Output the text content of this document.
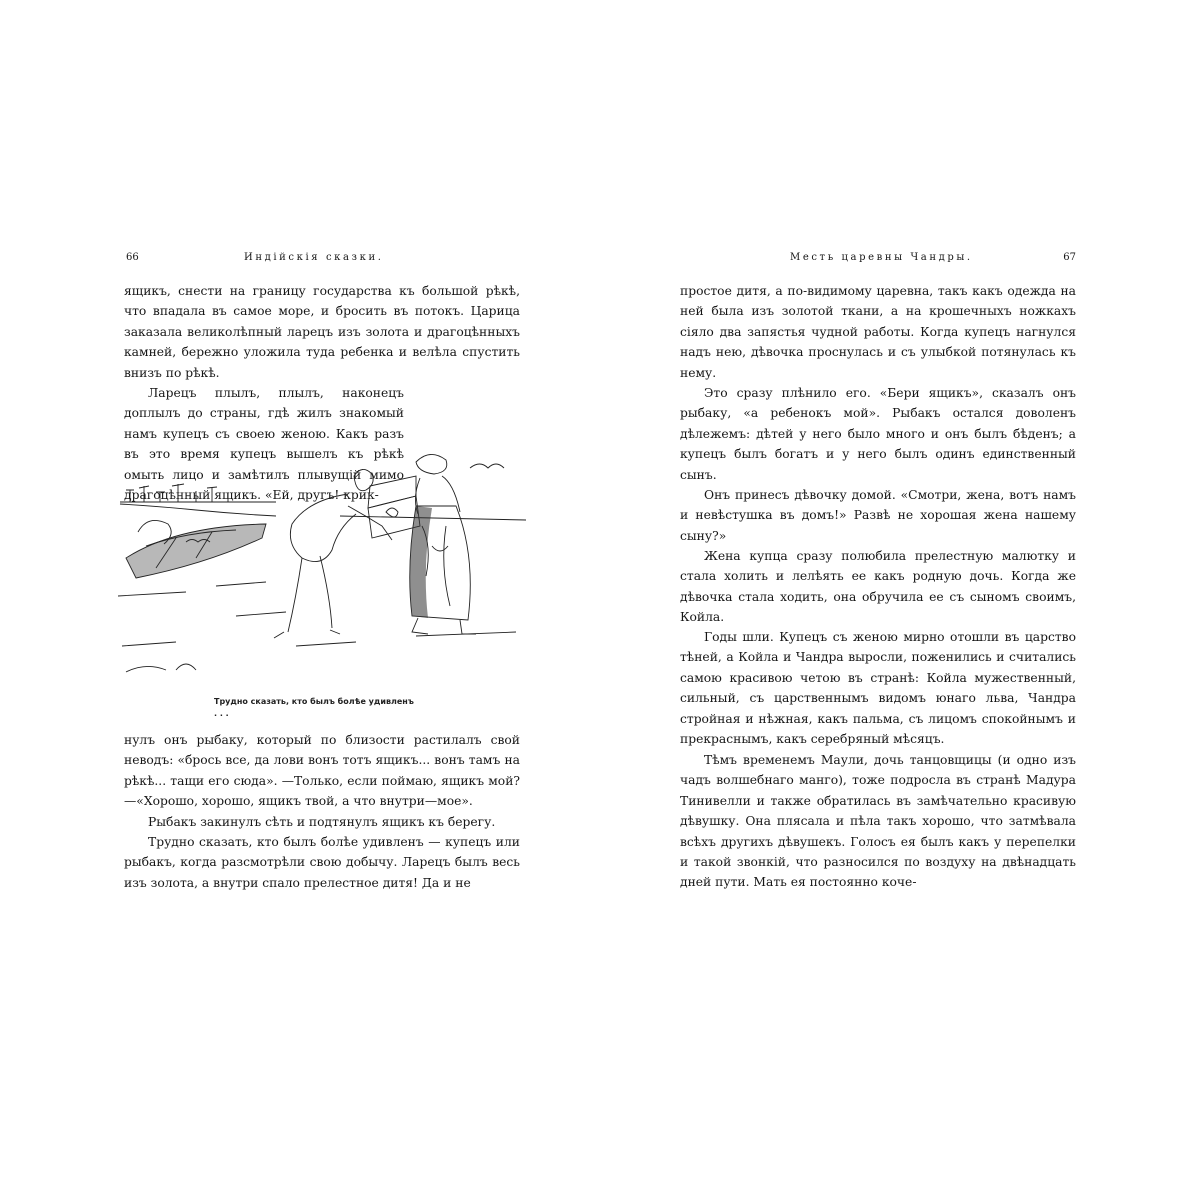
66	Индiйскiя сказки.

ящикъ, снести на границу государства къ большой рѣкѣ, что впадала въ самое море, и бросить въ потокъ. Царица заказала великолѣпный ларецъ изъ золота и драгоцѣнныхъ камней, бережно уложила туда ребенка и велѣла спустить внизъ по рѣкѣ.

Ларецъ плылъ, плылъ, наконецъ доплылъ до страны, гдѣ жилъ знакомый намъ купецъ съ своею женою. Какъ разъ въ это время купецъ вышелъ къ рѣкѣ омыть лицо и замѣтилъ плывущiй мимо драгоцѣнный ящикъ. «Ей, другъ! крик-

Трудно сказать, кто былъ болѣе удивленъ . . .

нулъ онъ рыбаку, который по близости растилалъ свой неводъ: «брось все, да лови вонъ тотъ ящикъ... вонъ тамъ на рѣкѣ... тащи его сюда». —Только, если поймаю, ящикъ мой?—«Хорошо, хорошо, ящикъ твой, а что внутри—мое».

Рыбакъ закинулъ сѣть и подтянулъ ящикъ къ берегу.

Трудно сказать, кто былъ болѣе удивленъ — купецъ или рыбакъ, когда разсмотрѣли свою добычу. Ларецъ былъ весь изъ золота, а внутри спало прелестное дитя! Да и не

Месть царевны Чандры.	67

простое дитя, а по-видимому царевна, такъ какъ одежда на ней была изъ золотой ткани, а на крошечныхъ ножкахъ сiяло два запястья чудной работы. Когда купецъ нагнулся надъ нею, дѣвочка проснулась и съ улыбкой потянулась къ нему.

Это сразу плѣнило его. «Бери ящикъ», сказалъ онъ рыбаку, «а ребенокъ мой». Рыбакъ остался доволенъ дѣлежемъ: дѣтей у него было много и онъ былъ бѣденъ; а купецъ былъ богатъ и у него былъ одинъ единственный сынъ.

Онъ принесъ дѣвочку домой. «Смотри, жена, вотъ намъ и невѣстушка въ домъ!» Развѣ не хорошая жена нашему сыну?»

Жена купца сразу полюбила прелестную малютку и стала холить и лелѣять ее какъ родную дочь. Когда же дѣвочка стала ходить, она обручила ее съ сыномъ своимъ, Койла.

Годы шли. Купецъ съ женою мирно отошли въ царство тѣней, а Койла и Чандра выросли, поженились и считались самою красивою четою въ странѣ: Койла мужественный, сильный, съ царственнымъ видомъ юнаго льва, Чандра стройная и нѣжная, какъ пальма, съ лицомъ спокойнымъ и прекраснымъ, какъ серебряный мѣсяцъ.

Тѣмъ временемъ Маули, дочь танцовщицы (и одно изъ чадъ волшебнаго манго), тоже подросла въ странѣ Мадура Тинивелли и также обратилась въ замѣчательно красивую дѣвушку. Она плясала и пѣла такъ хорошо, что затмѣвала всѣхъ другихъ дѣвушекъ. Голосъ ея былъ какъ у перепелки и такой звонкiй, что разносился по воздуху на двѣнадцать дней пути. Мать ея постоянно коче-
